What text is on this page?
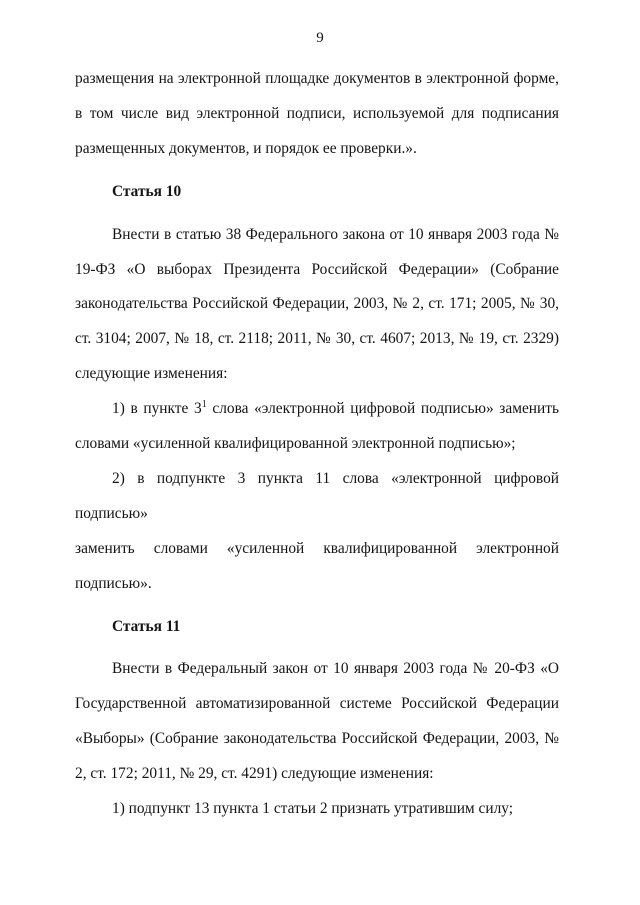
9

размещения на электронной площадке документов в электронной форме, в том числе вид электронной подписи, используемой для подписания размещенных документов, и порядок ее проверки.».

Статья 10

Внести в статью 38 Федерального закона от 10 января 2003 года № 19-ФЗ «О выборах Президента Российской Федерации» (Собрание законодательства Российской Федерации, 2003, № 2, ст. 171; 2005, № 30, ст. 3104; 2007, № 18, ст. 2118; 2011, № 30, ст. 4607; 2013, № 19, ст. 2329) следующие изменения:

1) в пункте $3^1$ слова «электронной цифровой подписью» заменить словами «усиленной квалифицированной электронной подписью»;

2) в подпункте 3 пункта 11 слова «электронной цифровой подписью»

заменить словами «усиленной квалифицированной электронной

подписью».

Статья 11

Внести в Федеральный закон от 10 января 2003 года № 20-ФЗ «О Государственной автоматизированной системе Российской Федерации «Выборы» (Собрание законодательства Российской Федерации, 2003, № 2, ст. 172; 2011, № 29, ст. 4291) следующие изменения:

1) подпункт 13 пункта 1 статьи 2 признать утратившим силу;
